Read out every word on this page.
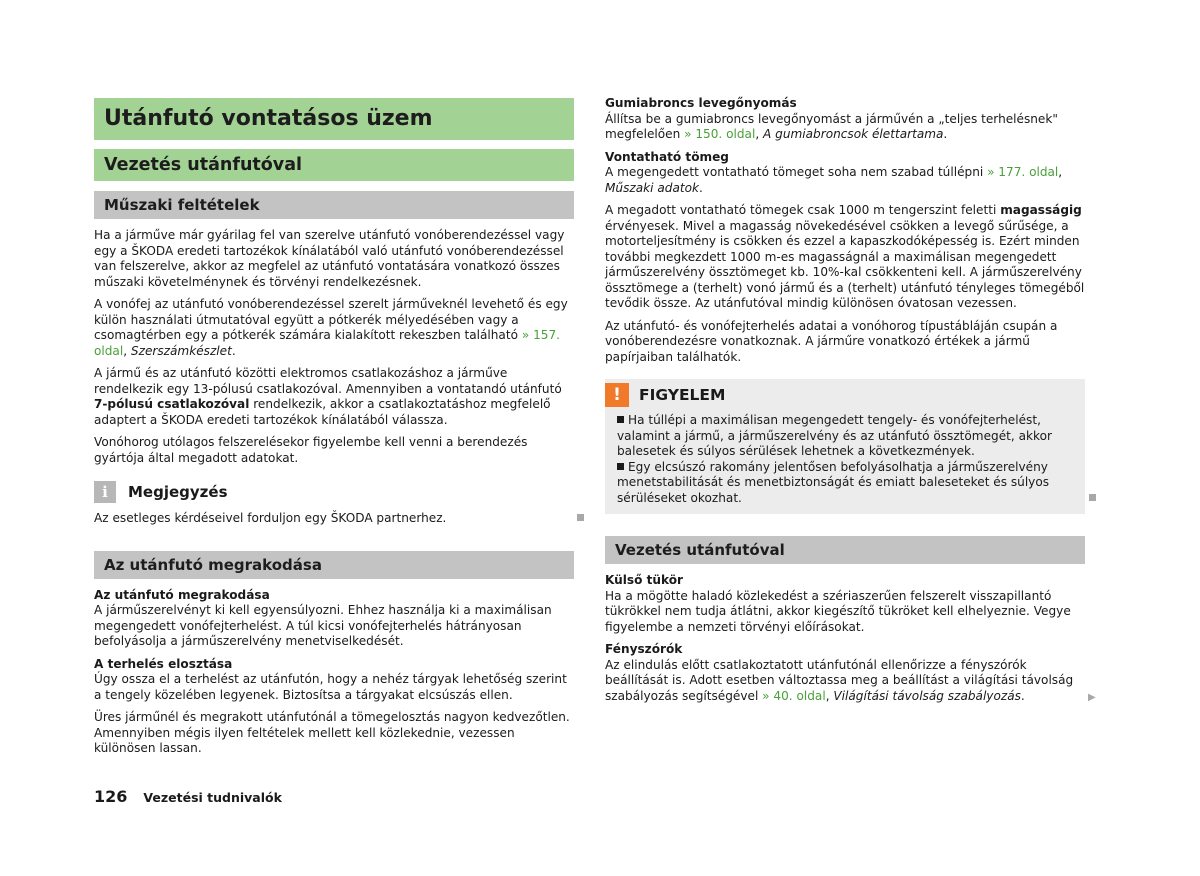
Utánfutó vontatásos üzem
Vezetés utánfutóval
Műszaki feltételek

Ha a járműve már gyárilag fel van szerelve utánfutó vonóberendezéssel vagy egy a ŠKODA eredeti tartozékok kínálatából való utánfutó vonóberendezéssel van felszerelve, akkor az megfelel az utánfutó vontatására vonatkozó összes műszaki követelménynek és törvényi rendelkezésnek.

A vonófej az utánfutó vonóberendezéssel szerelt járműveknél levehető és egy külön használati útmutatóval együtt a pótkerék mélyedésében vagy a csomagtérben egy a pótkerék számára kialakított rekeszben található » 157. oldal, Szerszámkészlet.

A jármű és az utánfutó közötti elektromos csatlakozáshoz a járműve rendelkezik egy 13-pólusú csatlakozóval. Amennyiben a vontatandó utánfutó 7-pólusú csatlakozóval rendelkezik, akkor a csatlakoztatáshoz megfelelő adaptert a ŠKODA eredeti tartozékok kínálatából válassza.

Vonóhorog utólagos felszerelésekor figyelembe kell venni a berendezés gyártója által megadott adatokat.

i	Megjegyzés

Az esetleges kérdéseivel forduljon egy ŠKODA partnerhez.

Az utánfutó megrakodása
Az utánfutó megrakodása

A járműszerelvényt ki kell egyensúlyozni. Ehhez használja ki a maximálisan megengedett vonófejterhelést. A túl kicsi vonófejterhelés hátrányosan befolyásolja a járműszerelvény menetviselkedését.

A terhelés elosztása

Úgy ossza el a terhelést az utánfutón, hogy a nehéz tárgyak lehetőség szerint a tengely közelében legyenek. Biztosítsa a tárgyakat elcsúszás ellen.

Üres járműnél és megrakott utánfutónál a tömegelosztás nagyon kedvezőtlen. Amennyiben mégis ilyen feltételek mellett kell közlekednie, vezessen különösen lassan.

Gumiabroncs levegőnyomás

Állítsa be a gumiabroncs levegőnyomást a járművén a „teljes terhelésnek" megfelelően » 150. oldal, A gumiabroncsok élettartama.

Vontatható tömeg

A megengedett vontatható tömeget soha nem szabad túllépni » 177. oldal, Műszaki adatok.

A megadott vontatható tömegek csak 1000 m tengerszint feletti magasságig érvényesek. Mivel a magasság növekedésével csökken a levegő sűrűsége, a motorteljesítmény is csökken és ezzel a kapaszkodóképesség is. Ezért minden további megkezdett 1000 m-es magasságnál a maximálisan megengedett járműszerelvény össztömeget kb. 10%-kal csökkenteni kell. A járműszerelvény össztömege a (terhelt) vonó jármű és a (terhelt) utánfutó tényleges tömegéből tevődik össze. Az utánfutóval mindig különösen óvatosan vezessen.

Az utánfutó- és vonófejterhelés adatai a vonóhorog típustábláján csupán a vonóberendezésre vonatkoznak. A járműre vonatkozó értékek a jármű papírjaiban találhatók.

!	FIGYELEM
Ha túllépi a maximálisan megengedett tengely- és vonófejterhelést, valamint a jármű, a járműszerelvény és az utánfutó össztömegét, akkor balesetek és súlyos sérülések lehetnek a következmények.
Egy elcsúszó rakomány jelentősen befolyásolhatja a járműszerelvény menetstabilitását és menetbiztonságát és emiatt baleseteket és súlyos sérüléseket okozhat.
Vezetés utánfutóval
Külső tükör

Ha a mögötte haladó közlekedést a szériaszerűen felszerelt visszapillantó tükrökkel nem tudja átlátni, akkor kiegészítő tükröket kell elhelyeznie. Vegye figyelembe a nemzeti törvényi előírásokat.

Fényszórók

Az elindulás előtt csatlakoztatott utánfutónál ellenőrizze a fényszórók beállítását is. Adott esetben változtassa meg a beállítást a világítási távolság szabályozás segítségével » 40. oldal, Világítási távolság szabályozás.	▶
126 Vezetési tudnivalók
